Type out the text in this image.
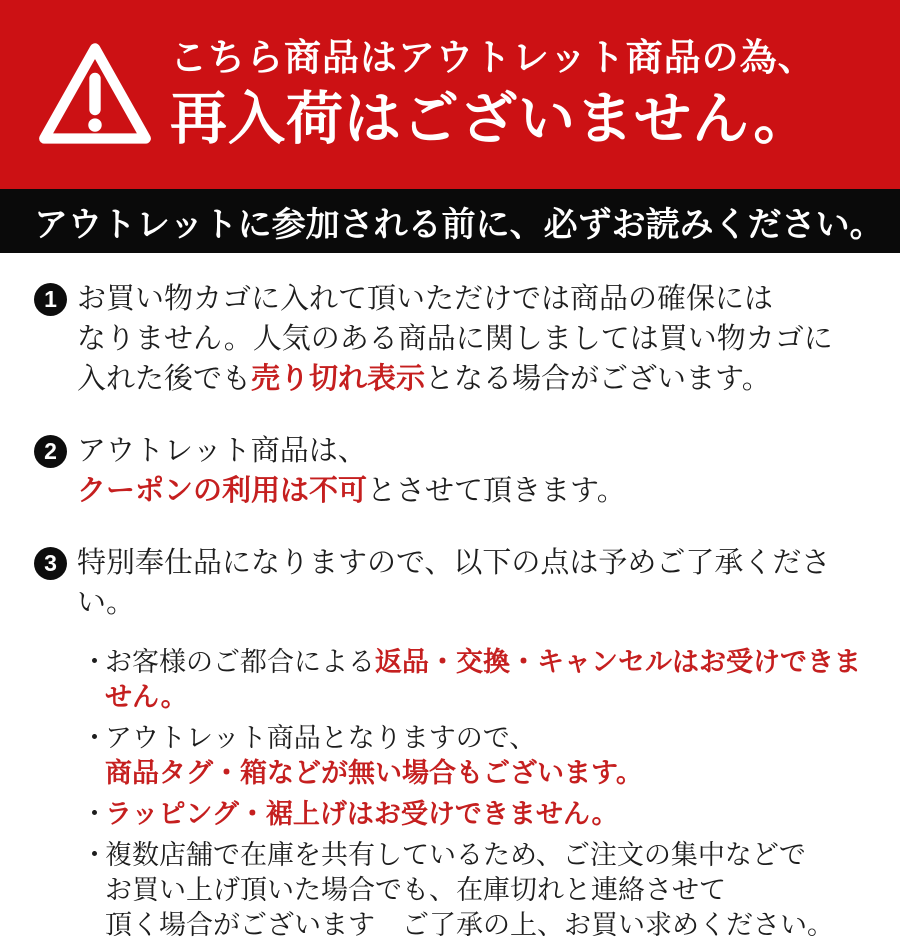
こちら商品はアウトレット商品の為、
再入荷はございません。
アウトレットに参加される前に、必ずお読みください。
1 お買い物カゴに入れて頂いただけでは商品の確保には
なりません。人気のある商品に関しましては買い物カゴに
入れた後でも売り切れ表示となる場合がございます。
2 アウトレット商品は、
クーポンの利用は不可とさせて頂きます。
3 特別奉仕品になりますので、以下の点は予めご了承ください。
・
お客様のご都合による返品・交換・キャンセルはお受けできません。
・
アウトレット商品となりますので、
商品タグ・箱などが無い場合もございます。
・
ラッピング・裾上げはお受けできません。
・
複数店舗で在庫を共有しているため、ご注文の集中などで
お買い上げ頂いた場合でも、在庫切れと連絡させて
頂く場合がございます　ご了承の上、お買い求めください。
